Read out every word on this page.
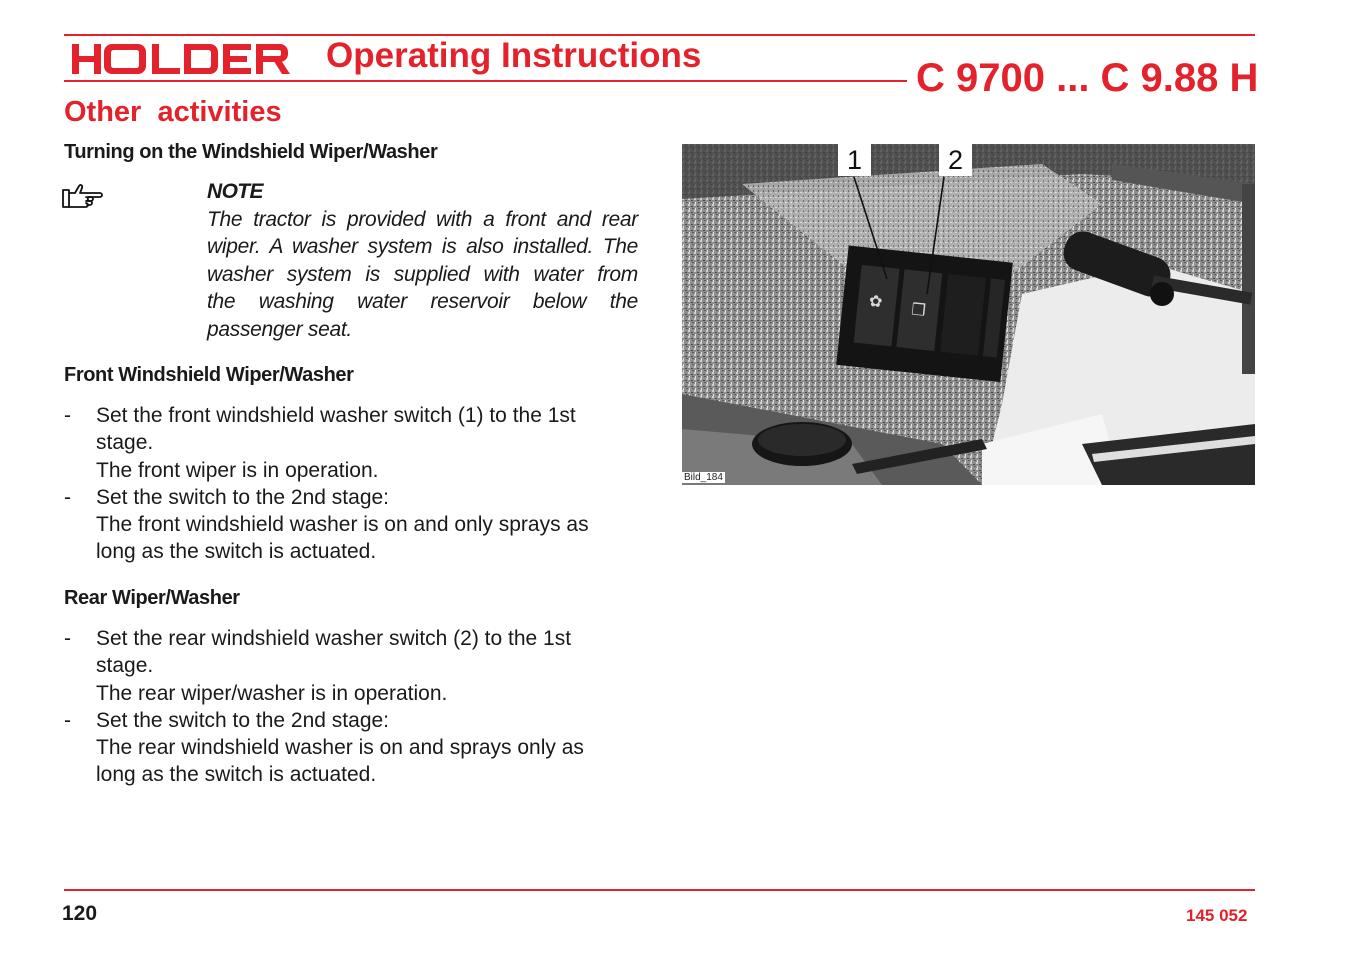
Operating Instructions
C 9700 ... C 9.88 H
Other  activities
Turning on the Windshield Wiper/Washer
NOTE
The tractor is provided with a front and rear
wiper. A washer system is also installed. The
washer system is supplied with water from
the washing water reservoir below the
passenger seat.
Front Windshield Wiper/Washer
- Set the front windshield washer switch (1) to the 1st
stage.
The front wiper is in operation.
- Set the switch to the 2nd stage:
The front windshield washer is on and only sprays as
long as the switch is actuated.
Rear Wiper/Washer
- Set the rear windshield washer switch (2) to the 1st
stage.
The rear wiper/washer is in operation.
- Set the switch to the 2nd stage:
The rear windshield washer is on and sprays only as
long as the switch is actuated.
✿ ❒
1	2
Bild_184
120	145 052
